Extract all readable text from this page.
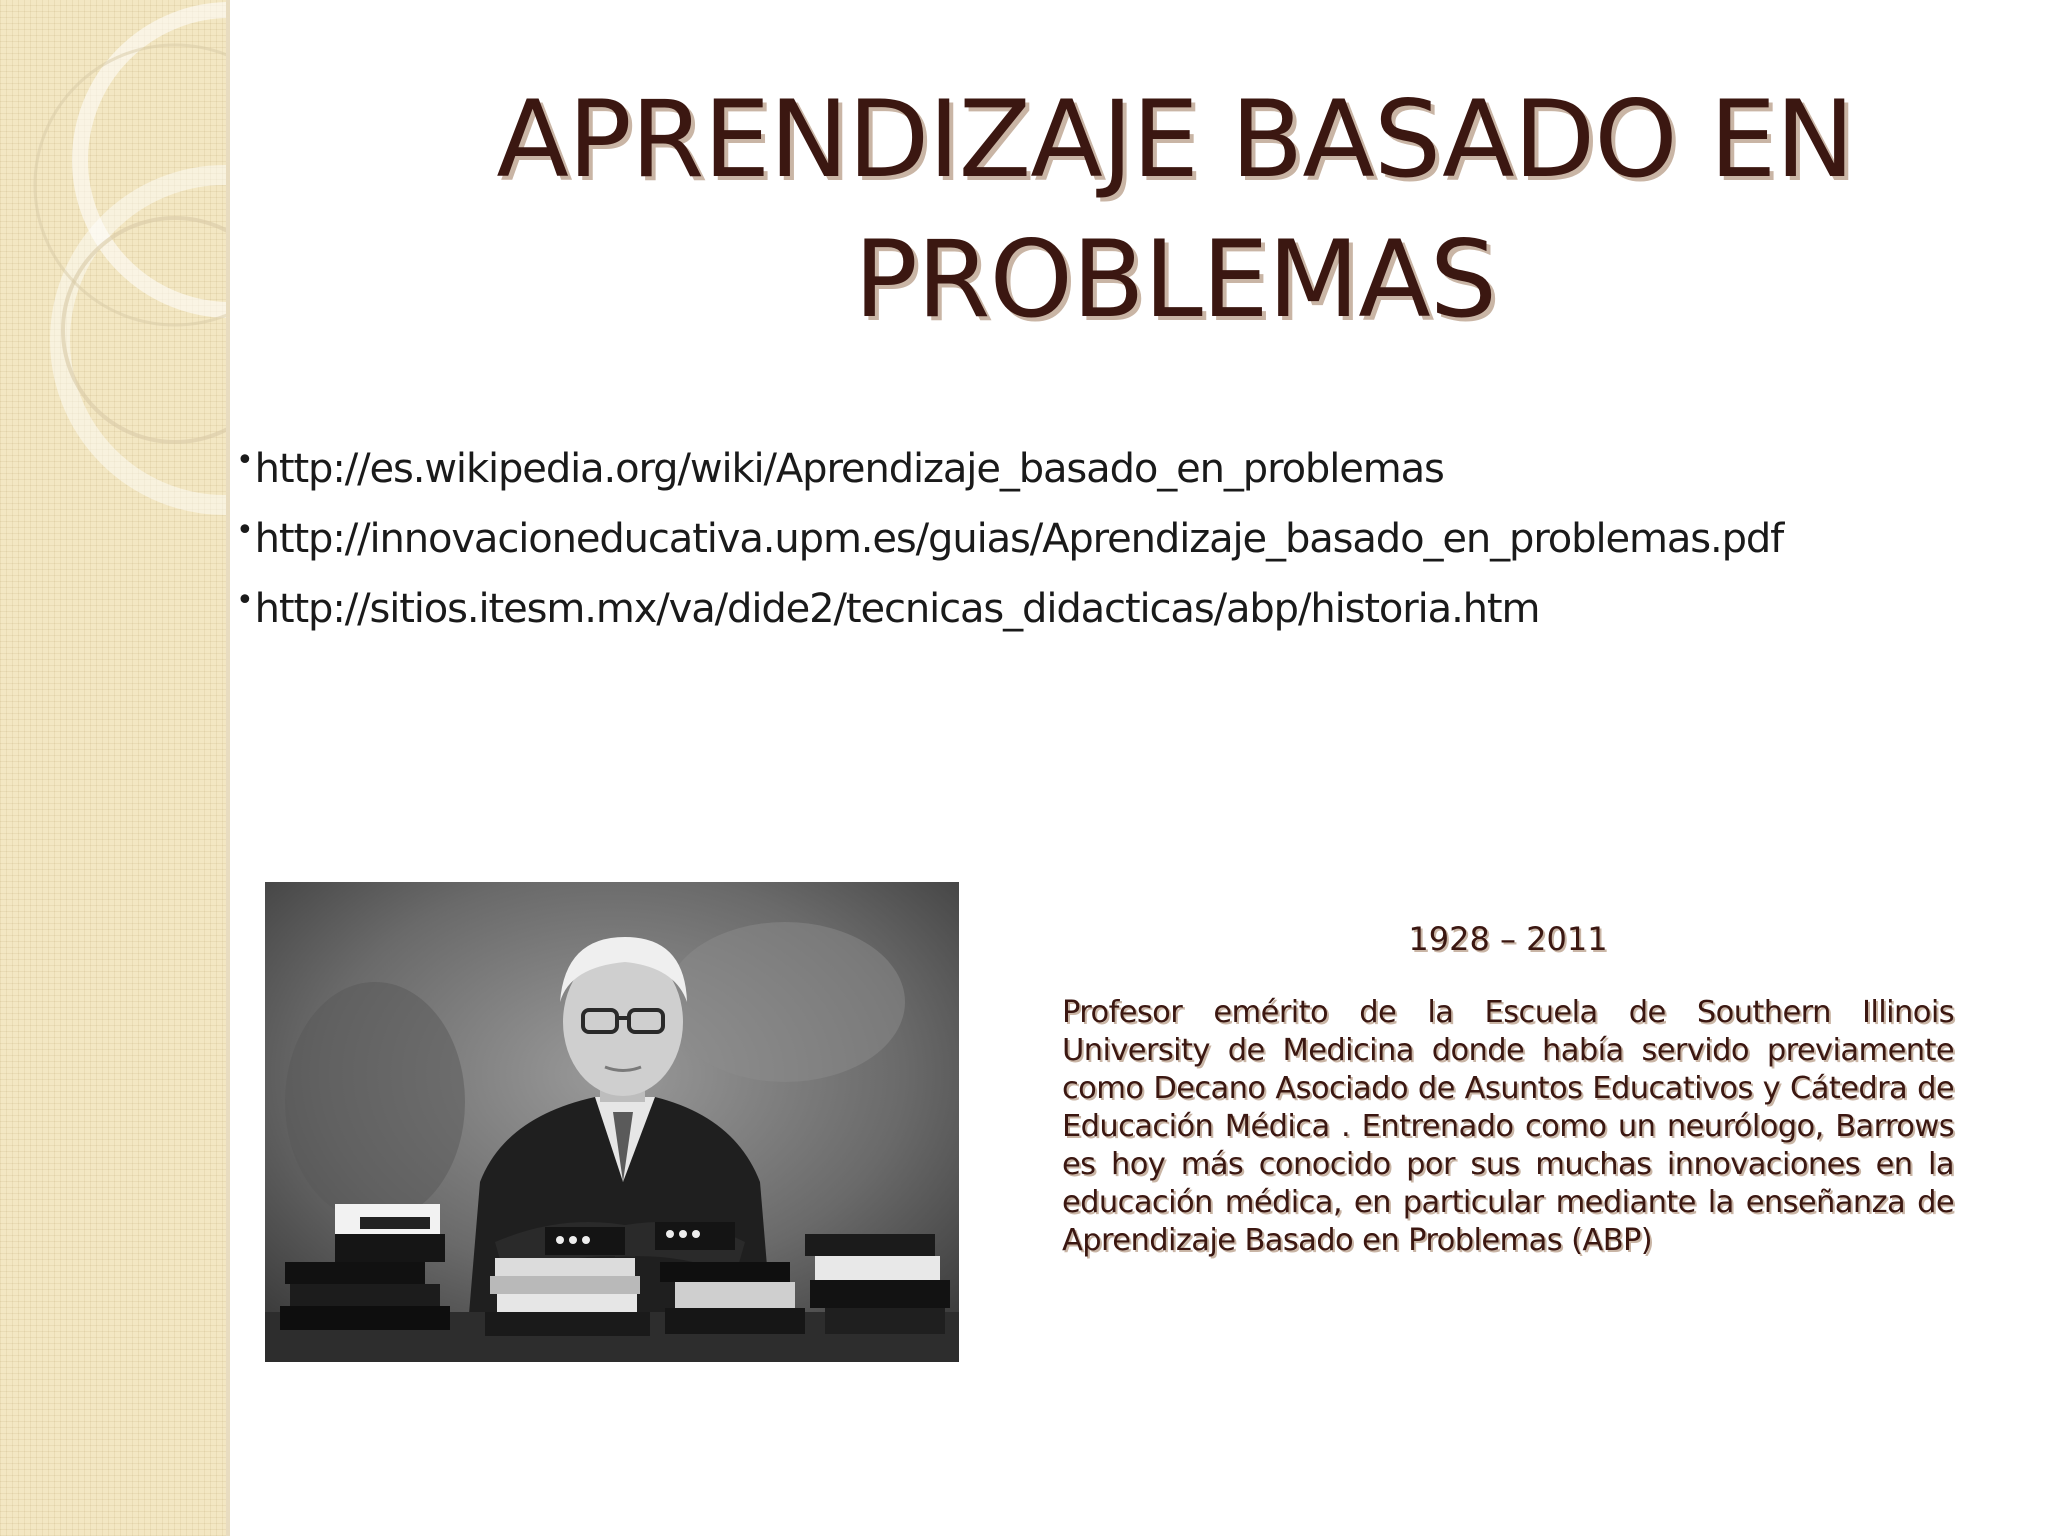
APRENDIZAJE BASADO EN
PROBLEMAS
•http://es.wikipedia.org/wiki/Aprendizaje_basado_en_problemas
•http://innovacioneducativa.upm.es/guias/Aprendizaje_basado_en_problemas.pdf
•http://sitios.itesm.mx/va/dide2/tecnicas_didacticas/abp/historia.htm

1928 – 2011

Profesor emérito de la Escuela de Southern Illinois University de Medicina donde había servido previamente como Decano Asociado de Asuntos Educativos y Cátedra de Educación Médica . Entrenado como un neurólogo, Barrows es hoy más conocido por sus muchas innovaciones en la educación médica, en particular mediante la enseñanza de Aprendizaje Basado en Problemas (ABP)
